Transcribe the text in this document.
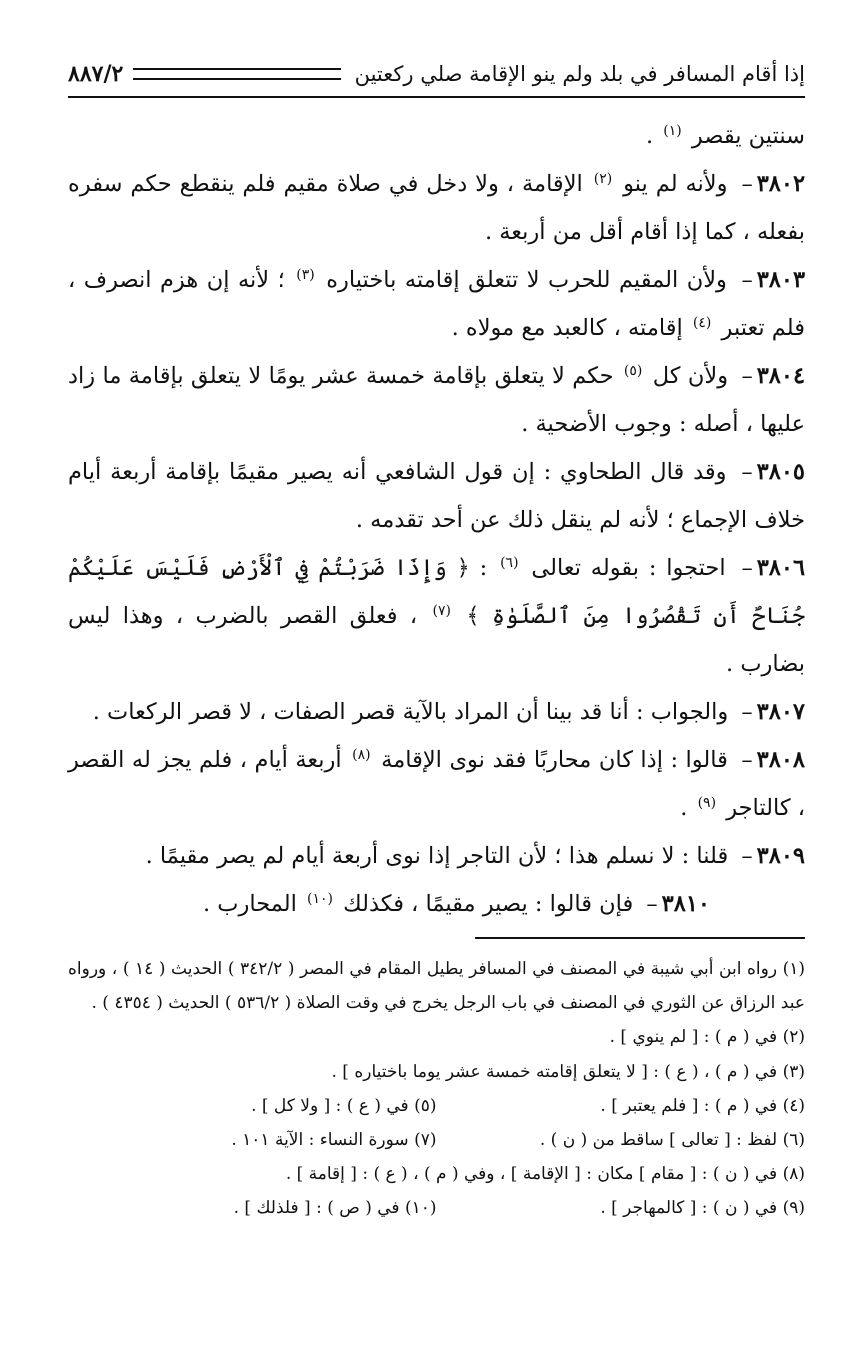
إذا أقام المسافر في بلد ولم ينو الإقامة صلي ركعتين
٨٨٧/٢

سنتين يقصر $^{(١)}$ .

٣٨٠٢– ولأنه لم ينو $^{(٢)}$ الإقامة ، ولا دخل في صلاة مقيم فلم ينقطع حكم سفره بفعله ، كما إذا أقام أقل من أربعة .

٣٨٠٣– ولأن المقيم للحرب لا تتعلق إقامته باختياره $^{(٣)}$ ؛ لأنه إن هزم انصرف ، فلم تعتبر $^{(٤)}$ إقامته ، كالعبد مع مولاه .

٣٨٠٤– ولأن كل $^{(٥)}$ حكم لا يتعلق بإقامة خمسة عشر يومًا لا يتعلق بإقامة ما زاد عليها ، أصله : وجوب الأضحية .

٣٨٠٥– وقد قال الطحاوي : إن قول الشافعي أنه يصير مقيمًا بإقامة أربعة أيام خلاف الإجماع ؛ لأنه لم ينقل ذلك عن أحد تقدمه .

٣٨٠٦– احتجوا : بقوله تعالى $^{(٦)}$ : ﴿ وَإِذَا ضَرَبْتُمْ فِي ٱلْأَرْضِ فَلَيْسَ عَلَيْكُمْ جُنَاحٌ أَن تَقْصُرُوا مِنَ ٱلصَّلَوٰةِ ﴾ $^{(٧)}$ ، فعلق القصر بالضرب ، وهذا ليس بضارب .

٣٨٠٧– والجواب : أنا قد بينا أن المراد بالآية قصر الصفات ، لا قصر الركعات .

٣٨٠٨– قالوا : إذا كان محاربًا فقد نوى الإقامة $^{(٨)}$ أربعة أيام ، فلم يجز له القصر ، كالتاجر $^{(٩)}$ .

٣٨٠٩– قلنا : لا نسلم هذا ؛ لأن التاجر إذا نوى أربعة أيام لم يصر مقيمًا .

٣٨١٠– فإن قالوا : يصير مقيمًا ، فكذلك $^{(١٠)}$ المحارب .

(١) رواه ابن أبي شيبة في المصنف في المسافر يطيل المقام في المصر ( ٣٤٢/٢ ) الحديث ( ١٤ ) ، ورواه عبد الرزاق عن الثوري في المصنف في باب الرجل يخرج في وقت الصلاة ( ٥٣٦/٢ ) الحديث ( ٤٣٥٤ ) .

(٢) في ( م ) : [ لم ينوي ] .

(٣) في ( م ) ، ( ع ) : [ لا يتعلق إقامته خمسة عشر يوما باختياره ] .

(٤) في ( م ) : [ فلم يعتبر ] .
(٥) في ( ع ) : [ ولا كل ] .
(٦) لفظ : [ تعالى ] ساقط من ( ن ) .
(٧) سورة النساء : الآية ١٠١ .

(٨) في ( ن ) : [ مقام ] مكان : [ الإقامة ] ، وفي ( م ) ، ( ع ) : [ إقامة ] .

(٩) في ( ن ) : [ كالمهاجر ] .
(١٠) في ( ص ) : [ فلذلك ] .
